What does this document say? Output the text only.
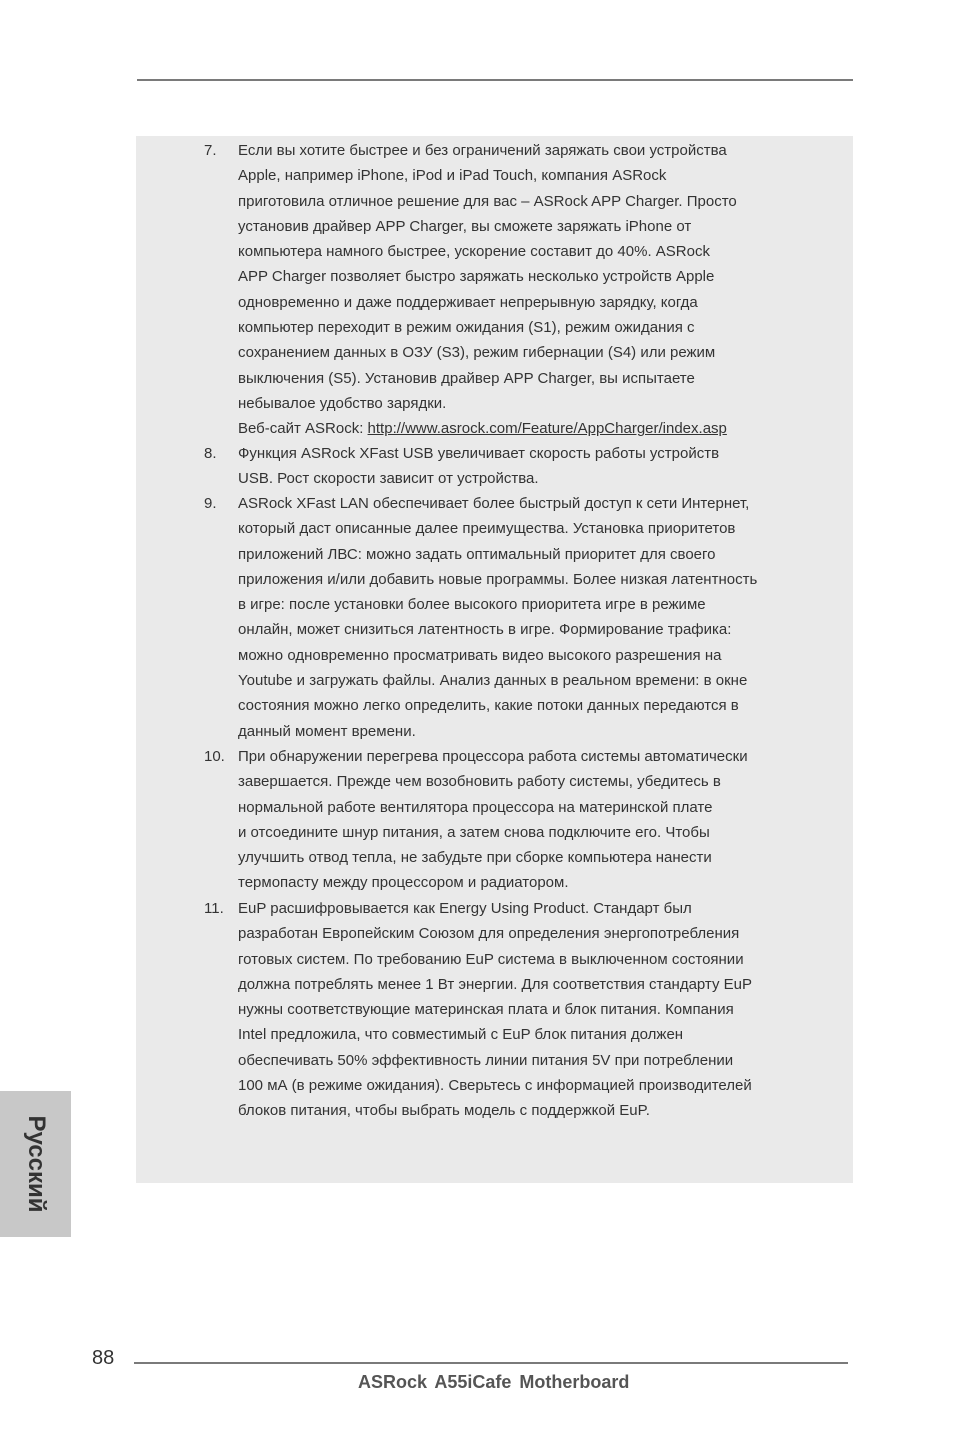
7. Если вы хотите быстрее и без ограничений заряжать свои устройства
Apple, например iPhone, iPod и iPad Touch, компания ASRock
приготовила отличное решение для вас – ASRock APP Charger. Просто
установив драйвер APP Charger, вы сможете заряжать iPhone от
компьютера намного быстрее, ускорение составит до 40%. ASRock
APP Charger позволяет быстро заряжать несколько устройств Apple
одновременно и даже поддерживает непрерывную зарядку, когда
компьютер переходит в режим ожидания (S1), режим ожидания с
сохранением данных в ОЗУ (S3), режим гибернации (S4) или режим
выключения (S5). Установив драйвер APP Charger, вы испытаете
небывалое удобство зарядки.
Веб-сайт ASRock: http://www.asrock.com/Feature/AppCharger/index.asp
8. Функция ASRock XFast USB увеличивает скорость работы устройств
USB. Рост скорости зависит от устройства.
9. ASRock XFast LAN обеспечивает более быстрый доступ к сети Интернет,
который даст описанные далее преимущества. Установка приоритетов
приложений ЛВС: можно задать оптимальный приоритет для своего
приложения и/или добавить новые программы. Более низкая латентность
в игре: после установки более высокого приоритета игре в режиме
онлайн, может снизиться латентность в игре. Формирование трафика:
можно одновременно просматривать видео высокого разрешения на
Youtube и загружать файлы. Анализ данных в реальном времени: в окне
состояния можно легко определить, какие потоки данных передаются в
данный момент времени.
10. При обнаружении перегрева процессора работа системы автоматически
завершается. Прежде чем возобновить работу системы, убедитесь в
нормальной работе вентилятора процессора на материнской плате
и отсоедините шнур питания, а затем снова подключите его. Чтобы
улучшить отвод тепла, не забудьте при сборке компьютера нанести
термопасту между процессором и радиатором.
11. EuP расшифровывается как Energy Using Product. Стандарт был
разработан Европейским Союзом для определения энергопотребления
готовых систем. По требованию EuP система в выключенном состоянии
должна потреблять менее 1 Вт энергии. Для соответствия стандарту EuP
нужны соответствующие материнская плата и блок питания. Компания
Intel предложила, что совместимый с EuP блок питания должен
обеспечивать 50% эффективность линии питания 5V при потреблении
100 мА (в режиме ожидания). Сверьтесь с информацией производителей
блоков питания, чтобы выбрать модель с поддержкой EuP.
Русский
88
ASRock A55iCafe Motherboard
